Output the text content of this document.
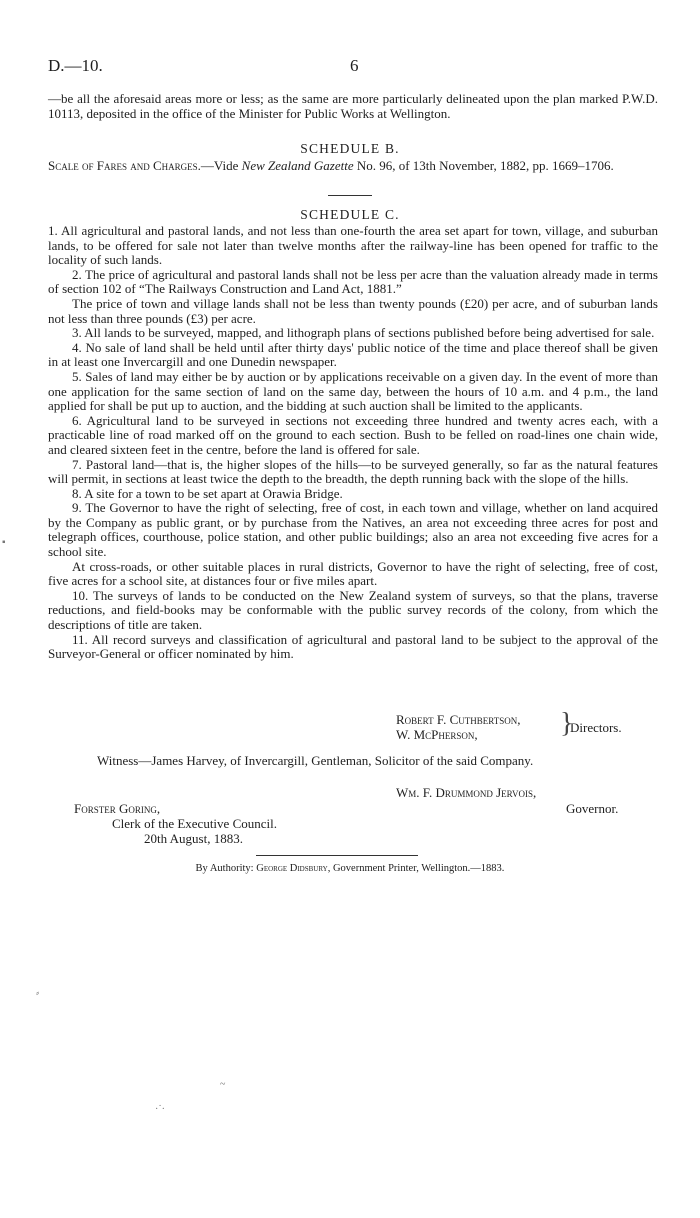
D.—10.	6

—be all the aforesaid areas more or less; as the same are more particularly delineated upon the plan marked P.W.D. 10113, deposited in the office of the Minister for Public Works at Wellington.

SCHEDULE B.

Scale of Fares and Charges.—Vide New Zealand Gazette No. 96, of 13th November, 1882, pp. 1669–1706.

SCHEDULE C.

1. All agricultural and pastoral lands, and not less than one-fourth the area set apart for town, village, and suburban lands, to be offered for sale not later than twelve months after the railway-line has been opened for traffic to the locality of such lands.

2. The price of agricultural and pastoral lands shall not be less per acre than the valuation already made in terms of section 102 of “The Railways Construction and Land Act, 1881.”

The price of town and village lands shall not be less than twenty pounds (£20) per acre, and of suburban lands not less than three pounds (£3) per acre.

3. All lands to be surveyed, mapped, and lithograph plans of sections published before being advertised for sale.

4. No sale of land shall be held until after thirty days' public notice of the time and place thereof shall be given in at least one Invercargill and one Dunedin newspaper.

5. Sales of land may either be by auction or by applications receivable on a given day. In the event of more than one application for the same section of land on the same day, between the hours of 10 a.m. and 4 p.m., the land applied for shall be put up to auction, and the bidding at such auction shall be limited to the applicants.

6. Agricultural land to be surveyed in sections not exceeding three hundred and twenty acres each, with a practicable line of road marked off on the ground to each section. Bush to be felled on road-lines one chain wide, and cleared sixteen feet in the centre, before the land is offered for sale.

7. Pastoral land—that is, the higher slopes of the hills—to be surveyed generally, so far as the natural features will permit, in sections at least twice the depth to the breadth, the depth running back with the slope of the hills.

8. A site for a town to be set apart at Orawia Bridge.

9. The Governor to have the right of selecting, free of cost, in each town and village, whether on land acquired by the Company as public grant, or by purchase from the Natives, an area not exceeding three acres for post and telegraph offices, courthouse, police station, and other public buildings; also an area not exceeding five acres for a school site.

At cross-roads, or other suitable places in rural districts, Governor to have the right of selecting, free of cost, five acres for a school site, at distances four or five miles apart.

10. The surveys of lands to be conducted on the New Zealand system of surveys, so that the plans, traverse reductions, and field-books may be conformable with the public survey records of the colony, from which the descriptions of title are taken.

11. All record surveys and classification of agricultural and pastoral land to be subject to the approval of the Surveyor-General or officer nominated by him.

Robert F. Cuthbertson,
W. McPherson,	}
Directors.
Witness—James Harvey, of Invercargill, Gentleman, Solicitor of the said Company.
Wm. F. Drummond Jervois,
Governor.
Forster Goring,
Clerk of the Executive Council.
20th August, 1883.
By Authority: George Didsbury, Government Printer, Wellington.—1883.
⸗
~
·˙·
▪
